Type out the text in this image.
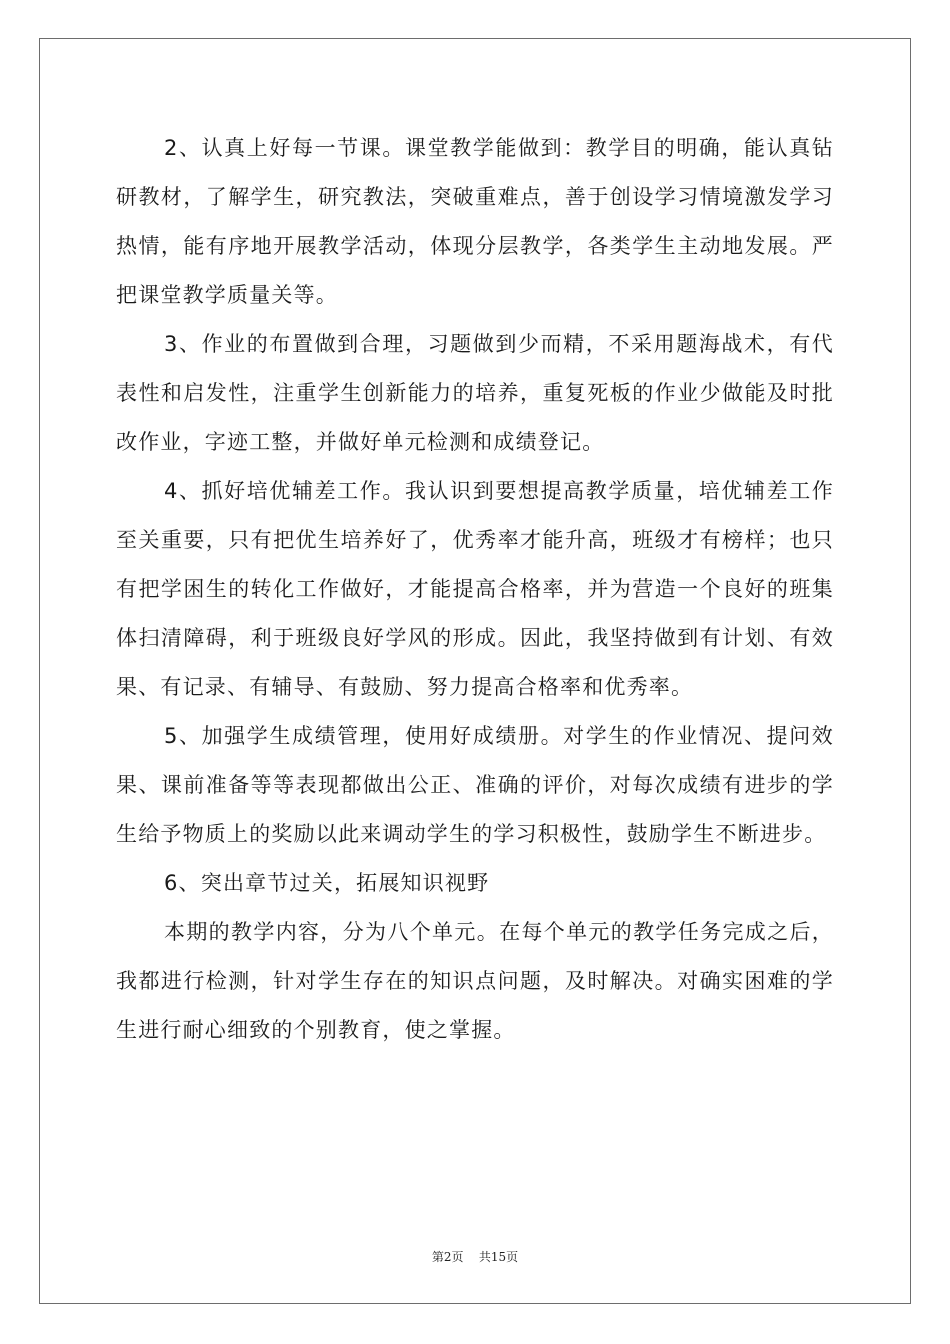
2、认真上好每一节课。课堂教学能做到：教学目的明确，能认真钻研教材，了解学生，研究教法，突破重难点，善于创设学习情境激发学习热情，能有序地开展教学活动，体现分层教学，各类学生主动地发展。严把课堂教学质量关等。

3、作业的布置做到合理，习题做到少而精，不采用题海战术，有代表性和启发性，注重学生创新能力的培养，重复死板的作业少做能及时批改作业，字迹工整，并做好单元检测和成绩登记。

4、抓好培优辅差工作。我认识到要想提高教学质量，培优辅差工作至关重要，只有把优生培养好了，优秀率才能升高，班级才有榜样；也只有把学困生的转化工作做好，才能提高合格率，并为营造一个良好的班集体扫清障碍，利于班级良好学风的形成。因此，我坚持做到有计划、有效果、有记录、有辅导、有鼓励、努力提高合格率和优秀率。

5、加强学生成绩管理，使用好成绩册。对学生的作业情况、提问效果、课前准备等等表现都做出公正、准确的评价，对每次成绩有进步的学生给予物质上的奖励以此来调动学生的学习积极性，鼓励学生不断进步。

6、突出章节过关，拓展知识视野

本期的教学内容，分为八个单元。在每个单元的教学任务完成之后，我都进行检测，针对学生存在的知识点问题，及时解决。对确实困难的学生进行耐心细致的个别教育，使之掌握。

第2页 共15页
